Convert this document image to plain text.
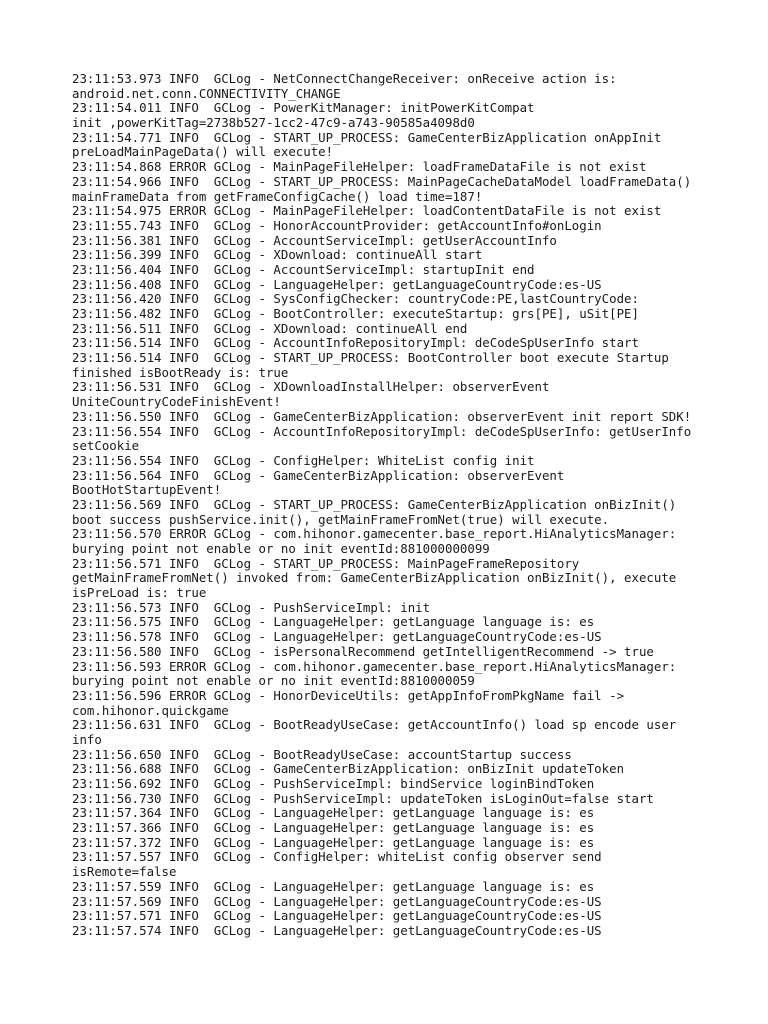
23:11:53.973 INFO  GCLog - NetConnectChangeReceiver: onReceive action is:
android.net.conn.CONNECTIVITY_CHANGE
23:11:54.011 INFO  GCLog - PowerKitManager: initPowerKitCompat
init ,powerKitTag=2738b527-1cc2-47c9-a743-90585a4098d0
23:11:54.771 INFO  GCLog - START_UP_PROCESS: GameCenterBizApplication onAppInit
preLoadMainPageData() will execute!
23:11:54.868 ERROR GCLog - MainPageFileHelper: loadFrameDataFile is not exist
23:11:54.966 INFO  GCLog - START_UP_PROCESS: MainPageCacheDataModel loadFrameData()
mainFrameData from getFrameConfigCache() load time=187!
23:11:54.975 ERROR GCLog - MainPageFileHelper: loadContentDataFile is not exist
23:11:55.743 INFO  GCLog - HonorAccountProvider: getAccountInfo#onLogin
23:11:56.381 INFO  GCLog - AccountServiceImpl: getUserAccountInfo
23:11:56.399 INFO  GCLog - XDownload: continueAll start
23:11:56.404 INFO  GCLog - AccountServiceImpl: startupInit end
23:11:56.408 INFO  GCLog - LanguageHelper: getLanguageCountryCode:es-US
23:11:56.420 INFO  GCLog - SysConfigChecker: countryCode:PE,lastCountryCode:
23:11:56.482 INFO  GCLog - BootController: executeStartup: grs[PE], uSit[PE]
23:11:56.511 INFO  GCLog - XDownload: continueAll end
23:11:56.514 INFO  GCLog - AccountInfoRepositoryImpl: deCodeSpUserInfo start
23:11:56.514 INFO  GCLog - START_UP_PROCESS: BootController boot execute Startup
finished isBootReady is: true
23:11:56.531 INFO  GCLog - XDownloadInstallHelper: observerEvent
UniteCountryCodeFinishEvent!
23:11:56.550 INFO  GCLog - GameCenterBizApplication: observerEvent init report SDK!
23:11:56.554 INFO  GCLog - AccountInfoRepositoryImpl: deCodeSpUserInfo: getUserInfo
setCookie
23:11:56.554 INFO  GCLog - ConfigHelper: WhiteList config init
23:11:56.564 INFO  GCLog - GameCenterBizApplication: observerEvent
BootHotStartupEvent!
23:11:56.569 INFO  GCLog - START_UP_PROCESS: GameCenterBizApplication onBizInit()
boot success pushService.init(), getMainFrameFromNet(true) will execute.
23:11:56.570 ERROR GCLog - com.hihonor.gamecenter.base_report.HiAnalyticsManager:
burying point not enable or no init eventId:881000000099
23:11:56.571 INFO  GCLog - START_UP_PROCESS: MainPageFrameRepository
getMainFrameFromNet() invoked from: GameCenterBizApplication onBizInit(), execute
isPreLoad is: true
23:11:56.573 INFO  GCLog - PushServiceImpl: init
23:11:56.575 INFO  GCLog - LanguageHelper: getLanguage language is: es
23:11:56.578 INFO  GCLog - LanguageHelper: getLanguageCountryCode:es-US
23:11:56.580 INFO  GCLog - isPersonalRecommend getIntelligentRecommend -> true
23:11:56.593 ERROR GCLog - com.hihonor.gamecenter.base_report.HiAnalyticsManager:
burying point not enable or no init eventId:8810000059
23:11:56.596 ERROR GCLog - HonorDeviceUtils: getAppInfoFromPkgName fail ->
com.hihonor.quickgame
23:11:56.631 INFO  GCLog - BootReadyUseCase: getAccountInfo() load sp encode user
info
23:11:56.650 INFO  GCLog - BootReadyUseCase: accountStartup success
23:11:56.688 INFO  GCLog - GameCenterBizApplication: onBizInit updateToken
23:11:56.692 INFO  GCLog - PushServiceImpl: bindService loginBindToken
23:11:56.730 INFO  GCLog - PushServiceImpl: updateToken isLoginOut=false start
23:11:57.364 INFO  GCLog - LanguageHelper: getLanguage language is: es
23:11:57.366 INFO  GCLog - LanguageHelper: getLanguage language is: es
23:11:57.372 INFO  GCLog - LanguageHelper: getLanguage language is: es
23:11:57.557 INFO  GCLog - ConfigHelper: whiteList config observer send
isRemote=false
23:11:57.559 INFO  GCLog - LanguageHelper: getLanguage language is: es
23:11:57.569 INFO  GCLog - LanguageHelper: getLanguageCountryCode:es-US
23:11:57.571 INFO  GCLog - LanguageHelper: getLanguageCountryCode:es-US
23:11:57.574 INFO  GCLog - LanguageHelper: getLanguageCountryCode:es-US
